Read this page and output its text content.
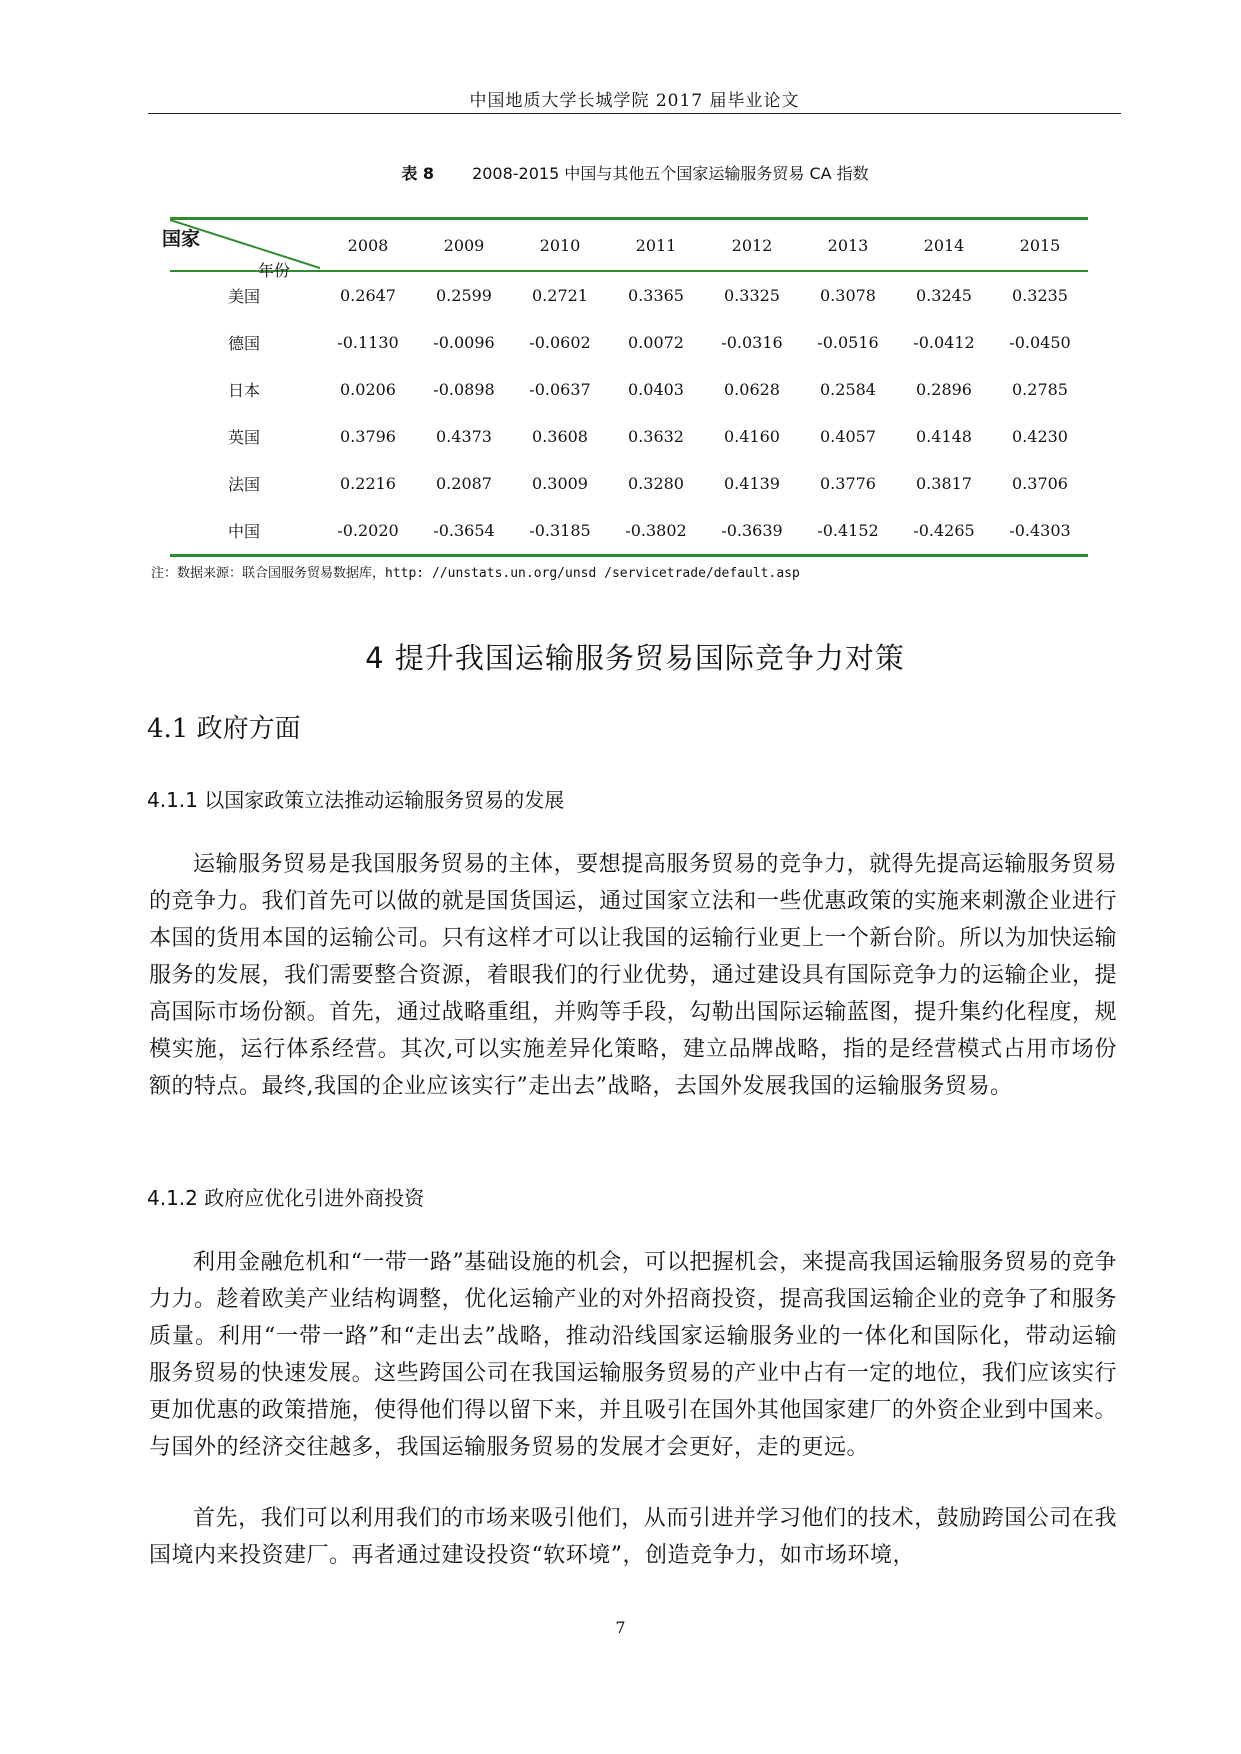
中国地质大学长城学院 2017 届毕业论文
表 8 2008-2015 中国与其他五个国家运输服务贸易 CA 指数
国家
年份	2008	2009	2010	2011	2012	2013	2014	2015
美国	0.2647	0.2599	0.2721	0.3365	0.3325	0.3078	0.3245	0.3235
德国	-0.1130	-0.0096	-0.0602	0.0072	-0.0316	-0.0516	-0.0412	-0.0450
日本	0.0206	-0.0898	-0.0637	0.0403	0.0628	0.2584	0.2896	0.2785
英国	0.3796	0.4373	0.3608	0.3632	0.4160	0.4057	0.4148	0.4230
法国	0.2216	0.2087	0.3009	0.3280	0.4139	0.3776	0.3817	0.3706
中国	-0.2020	-0.3654	-0.3185	-0.3802	-0.3639	-0.4152	-0.4265	-0.4303
注：数据来源：联合国服务贸易数据库，http: //unstats.un.org/unsd /servicetrade/default.asp
4 提升我国运输服务贸易国际竞争力对策
4.1 政府方面
4.1.1 以国家政策立法推动运输服务贸易的发展
运输服务贸易是我国服务贸易的主体，要想提高服务贸易的竞争力，就得先提高运输服务贸易的竞争力。我们首先可以做的就是国货国运，通过国家立法和一些优惠政策的实施来刺激企业进行本国的货用本国的运输公司。只有这样才可以让我国的运输行业更上一个新台阶。所以为加快运输服务的发展，我们需要整合资源，着眼我们的行业优势，通过建设具有国际竞争力的运输企业，提高国际市场份额。首先，通过战略重组，并购等手段，勾勒出国际运输蓝图，提升集约化程度，规模实施，运行体系经营。其次,可以实施差异化策略，建立品牌战略，指的是经营模式占用市场份额的特点。最终,我国的企业应该实行”走出去”战略，去国外发展我国的运输服务贸易。
4.1.2 政府应优化引进外商投资
利用金融危机和“一带一路”基础设施的机会，可以把握机会，来提高我国运输服务贸易的竞争力力。趁着欧美产业结构调整，优化运输产业的对外招商投资，提高我国运输企业的竞争了和服务质量。利用“一带一路”和“走出去”战略，推动沿线国家运输服务业的一体化和国际化，带动运输服务贸易的快速发展。这些跨国公司在我国运输服务贸易的产业中占有一定的地位，我们应该实行更加优惠的政策措施，使得他们得以留下来，并且吸引在国外其他国家建厂的外资企业到中国来。与国外的经济交往越多，我国运输服务贸易的发展才会更好，走的更远。
首先，我们可以利用我们的市场来吸引他们，从而引进并学习他们的技术，鼓励跨国公司在我国境内来投资建厂。再者通过建设投资“软环境”，创造竞争力，如市场环境，
7
